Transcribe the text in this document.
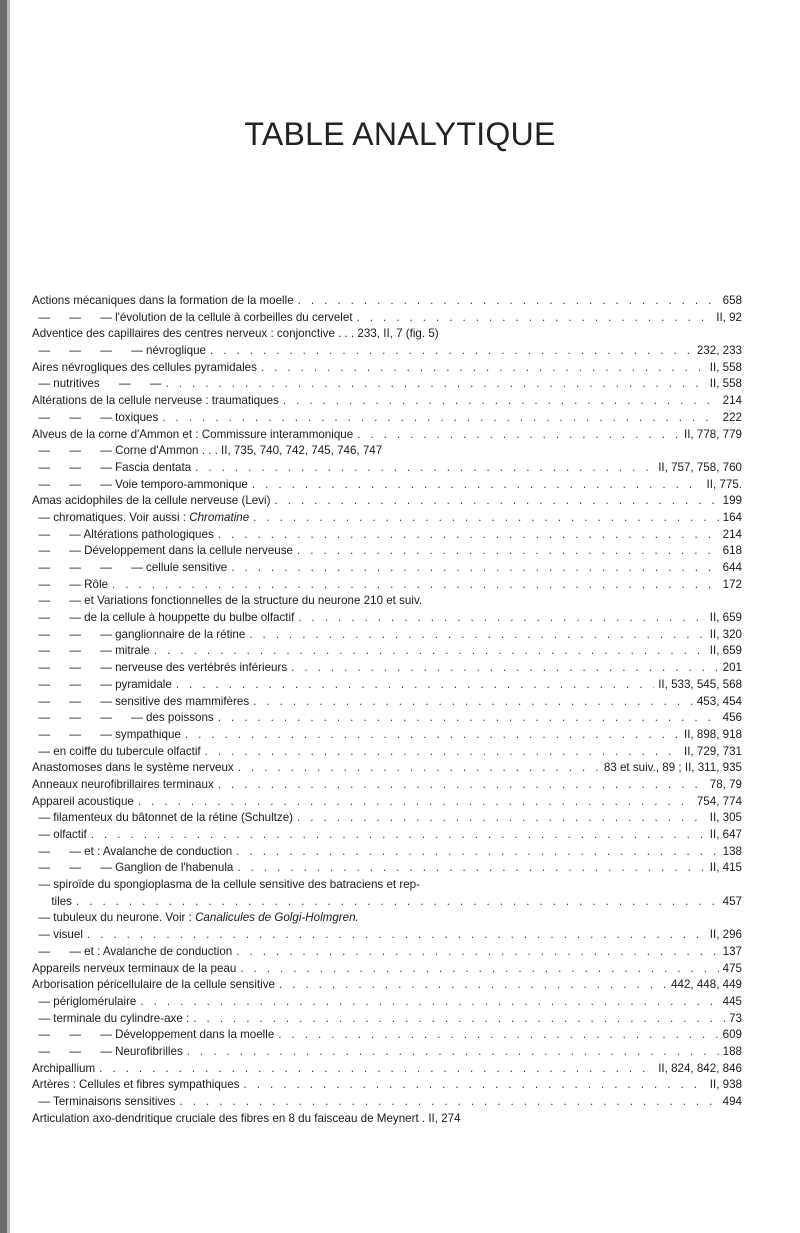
TABLE ANALYTIQUE
Actions mécaniques dans la formation de la moelle . . .	658
—      —      — l'évolution de la cellule à corbeilles du cervelet . . .	II, 92
Adventice des capillaires des centres nerveux : conjonctive . . . 233, II, 7 (fig. 5)
—      —      —      — névroglique . . .	232, 233
Aires névrogliques des cellules pyramidales . . .	II, 558
— nutritives      —      — . . .	II, 558
Altérations de la cellule nerveuse : traumatiques . . .	214
—      —      — toxiques . . .	222
Alveus de la corne d'Ammon et : Commissure interammonique . . .	II, 778, 779
—      —      — Corne d'Ammon . . . II, 735, 740, 742, 745, 746, 747
—      —      — Fascia dentata . . .	II, 757, 758, 760
—      —      — Voie temporo-ammonique . . .	II, 775.
Amas acidophiles de la cellule nerveuse (Levi) . . .	199
— chromatiques. Voir aussi : Chromatine . . .	164
—      — Altérations pathologiques . . .	214
—      — Développement dans la cellule nerveuse . . .	618
—      —      —      — cellule sensitive . . .	644
—      — Rôle . . .	172
—      — et Variations fonctionnelles de la structure du neurone 210 et suiv.
—      — de la cellule à houppette du bulbe olfactif . . .	II, 659
—      —      — ganglionnaire de la rétine . . .	II, 320
—      —      — mitrale . . .	II, 659
—      —      — nerveuse des vertébrés inférieurs . . .	201
—      —      — pyramidale . . .	II, 533, 545, 568
—      —      — sensitive des mammifères . . .	453, 454
—      —      —      — des poissons . . .	456
—      —      — sympathique . . .	II, 898, 918
— en coiffe du tubercule olfactif . . .	II, 729, 731
Anastomoses dans le système nerveux . . .	83 et suiv., 89 ; II, 311, 935
Anneaux neurofibrillaires terminaux . . .	78, 79
Appareil acoustique . . .	754, 774
— filamenteux du bâtonnet de la rétine (Schultze) . . .	II, 305
— olfactif . . .	II, 647
—      — et : Avalanche de conduction . . .	138
—      —      — Ganglion de l'habenula . . .	II, 415
— spiroïde du spongioplasma de la cellule sensitive des batraciens et rep-
tiles . . .	457
— tubuleux du neurone. Voir : Canalicules de Golgi-Holmgren.
— visuel . . .	II, 296
—      — et : Avalanche de conduction . . .	137
Appareils nerveux terminaux de la peau . . .	475
Arborisation péricellulaire de la cellule sensitive . . .	442, 448, 449
— périglomérulaire . . .	445
— terminale du cylindre-axe : . . .	73
—      —      — Développement dans la moelle . . .	609
—      —      — Neurofibrilles . . .	188
Archipallium . . .	II, 824, 842, 846
Artères : Cellules et fibres sympathiques . . .	II, 938
— Terminaisons sensitives . . .	494
Articulation axo-dendritique cruciale des fibres en 8 du faisceau de Meynert . II, 274
